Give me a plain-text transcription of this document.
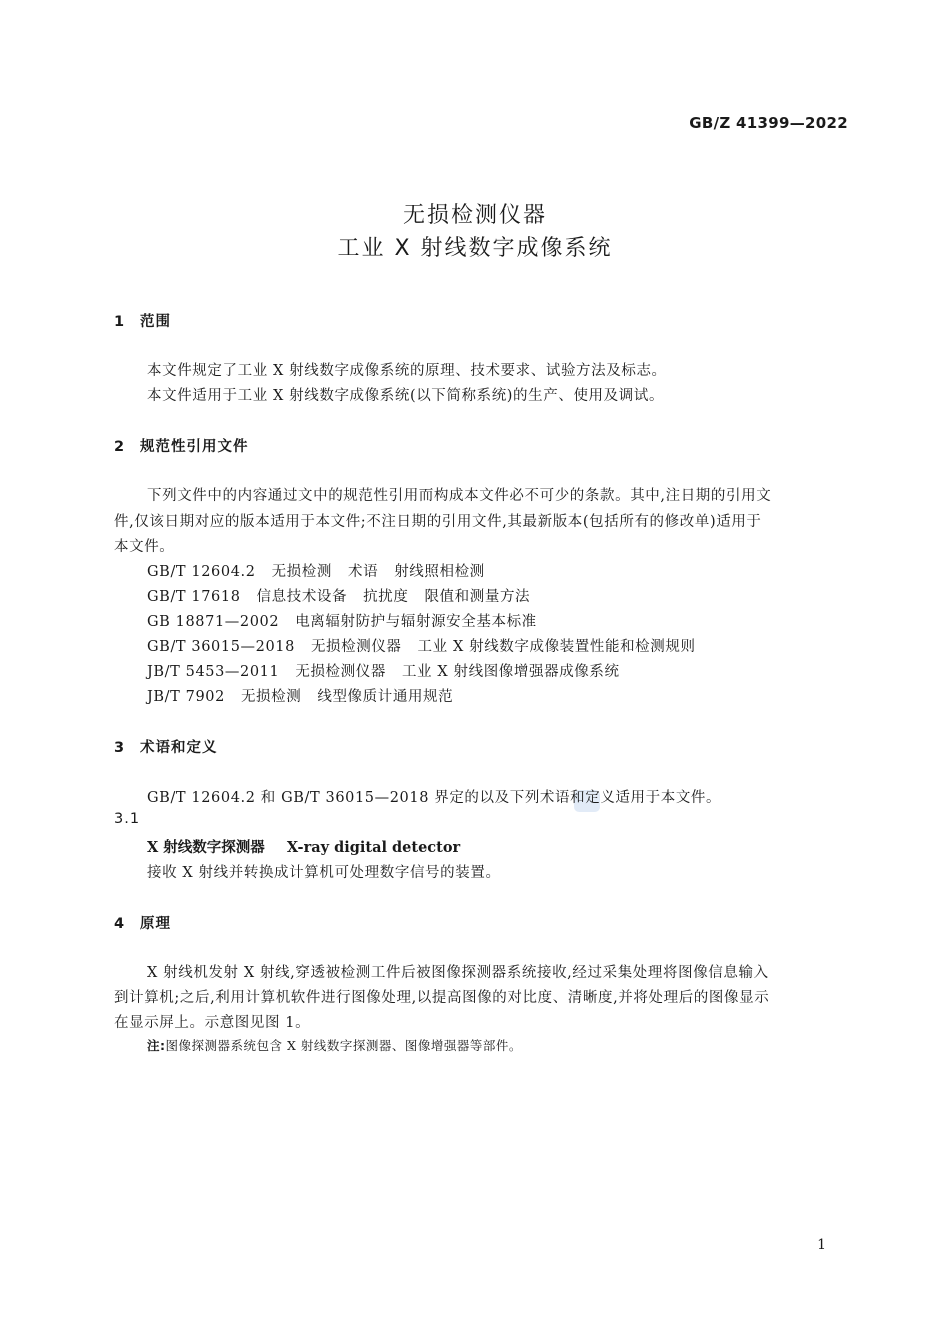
GB/Z 41399—2022
无损检测仪器
工业 X 射线数字成像系统
1 范围
本文件规定了工业 X 射线数字成像系统的原理、技术要求、试验方法及标志。
本文件适用于工业 X 射线数字成像系统(以下简称系统)的生产、使用及调试。
2 规范性引用文件
下列文件中的内容通过文中的规范性引用而构成本文件必不可少的条款。其中,注日期的引用文
件,仅该日期对应的版本适用于本文件;不注日期的引用文件,其最新版本(包括所有的修改单)适用于
本文件。
GB/T 12604.2 无损检测 术语 射线照相检测
GB/T 17618 信息技术设备 抗扰度 限值和测量方法
GB 18871—2002 电离辐射防护与辐射源安全基本标准
GB/T 36015—2018 无损检测仪器 工业 X 射线数字成像装置性能和检测规则
JB/T 5453—2011 无损检测仪器 工业 X 射线图像增强器成像系统
JB/T 7902 无损检测 线型像质计通用规范
3 术语和定义
GB/T 12604.2 和 GB/T 36015—2018 界定的以及下列术语和定义适用于本文件。
3.1
X 射线数字探测器 X-ray digital detector
接收 X 射线并转换成计算机可处理数字信号的装置。
4 原理
X 射线机发射 X 射线,穿透被检测工件后被图像探测器系统接收,经过采集处理将图像信息输入
到计算机;之后,利用计算机软件进行图像处理,以提高图像的对比度、清晰度,并将处理后的图像显示
在显示屏上。示意图见图 1。
注:图像探测器系统包含 X 射线数字探测器、图像增强器等部件。
1
